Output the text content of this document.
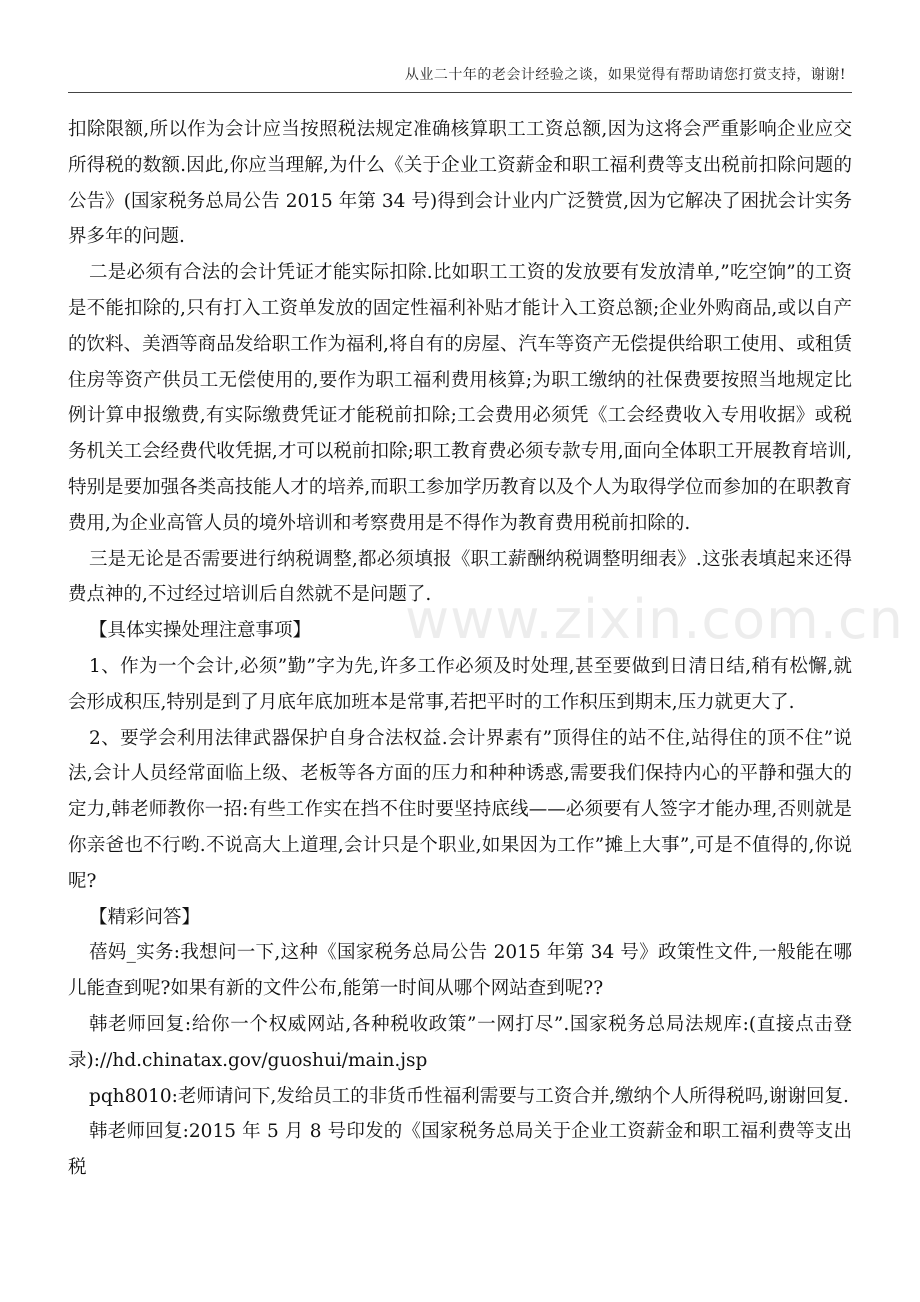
从业二十年的老会计经验之谈，如果觉得有帮助请您打赏支持，谢谢!

扣除限额,所以作为会计应当按照税法规定准确核算职工工资总额,因为这将会严重影响企业应交所得税的数额.因此,你应当理解,为什么《关于企业工资薪金和职工福利费等支出税前扣除问题的公告》(国家税务总局公告 2015 年第 34 号)得到会计业内广泛赞赏,因为它解决了困扰会计实务界多年的问题.

二是必须有合法的会计凭证才能实际扣除.比如职工工资的发放要有发放清单,”吃空饷”的工资是不能扣除的,只有打入工资单发放的固定性福利补贴才能计入工资总额;企业外购商品,或以自产的饮料、美酒等商品发给职工作为福利,将自有的房屋、汽车等资产无偿提供给职工使用、或租赁住房等资产供员工无偿使用的,要作为职工福利费用核算;为职工缴纳的社保费要按照当地规定比例计算申报缴费,有实际缴费凭证才能税前扣除;工会费用必须凭《工会经费收入专用收据》或税务机关工会经费代收凭据,才可以税前扣除;职工教育费必须专款专用,面向全体职工开展教育培训,特别是要加强各类高技能人才的培养,而职工参加学历教育以及个人为取得学位而参加的在职教育费用,为企业高管人员的境外培训和考察费用是不得作为教育费用税前扣除的.

三是无论是否需要进行纳税调整,都必须填报《职工薪酬纳税调整明细表》.这张表填起来还得费点神的,不过经过培训后自然就不是问题了.

【具体实操处理注意事项】

1、作为一个会计,必须”勤”字为先,许多工作必须及时处理,甚至要做到日清日结,稍有松懈,就会形成积压,特别是到了月底年底加班本是常事,若把平时的工作积压到期末,压力就更大了.

2、要学会利用法律武器保护自身合法权益.会计界素有”顶得住的站不住,站得住的顶不住”说法,会计人员经常面临上级、老板等各方面的压力和种种诱惑,需要我们保持内心的平静和强大的定力,韩老师教你一招:有些工作实在挡不住时要坚持底线——必须要有人签字才能办理,否则就是你亲爸也不行哟.不说高大上道理,会计只是个职业,如果因为工作”摊上大事”,可是不值得的,你说呢?

【精彩问答】

蓓妈_实务:我想问一下,这种《国家税务总局公告 2015 年第 34 号》政策性文件,一般能在哪儿能查到呢?如果有新的文件公布,能第一时间从哪个网站查到呢??

韩老师回复:给你一个权威网站,各种税收政策”一网打尽”.国家税务总局法规库:(直接点击登录)://hd.chinatax.gov/guoshui/main.jsp

pqh8010:老师请问下,发给员工的非货币性福利需要与工资合并,缴纳个人所得税吗,谢谢回复.

韩老师回复:2015 年 5 月 8 号印发的《国家税务总局关于企业工资薪金和职工福利费等支出税

www.zixin.com.cn
